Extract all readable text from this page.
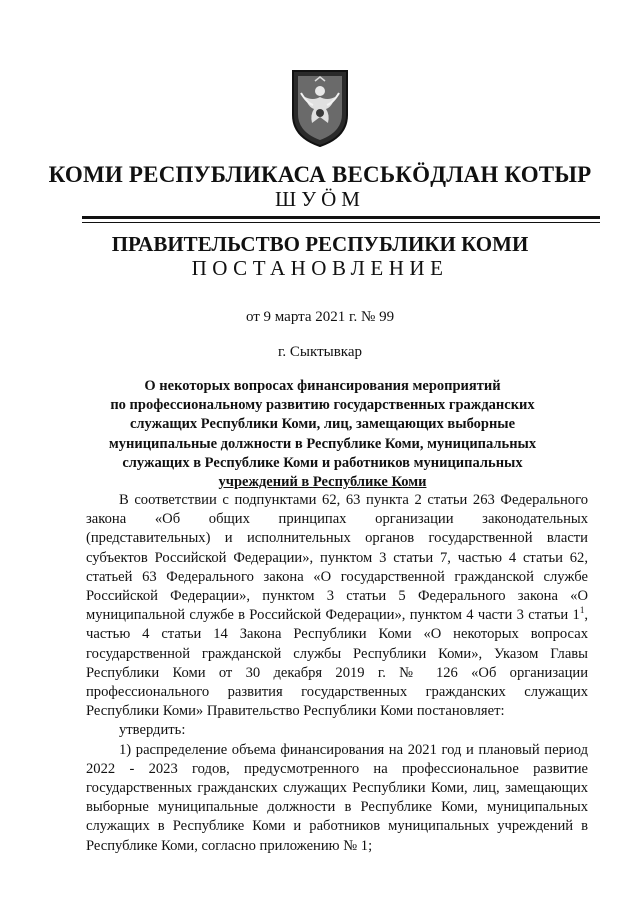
КОМИ РЕСПУБЛИКАСА ВЕСЬКӦДЛАН КОТЫР
ШУÖМ
ПРАВИТЕЛЬСТВО РЕСПУБЛИКИ КОМИ
ПОСТАНОВЛЕНИЕ
от 9 марта 2021 г. № 99
г. Сыктывкар
О некоторых вопросах финансирования мероприятий
по профессиональному развитию государственных гражданских
служащих Республики Коми, лиц, замещающих выборные
муниципальные должности в Республике Коми, муниципальных
служащих в Республике Коми и работников муниципальных
учреждений в Республике Коми

В соответствии с подпунктами 62, 63 пункта 2 статьи 263 Федерального закона «Об общих принципах организации законодательных (представительных) и исполнительных органов государственной власти субъектов Российской Федерации», пунктом 3 статьи 7, частью 4 статьи 62, статьей 63 Федерального закона «О государственной гражданской службе Российской Федерации», пунктом 3 статьи 5 Федерального закона «О муниципальной службе в Российской Федерации», пунктом 4 части 3 статьи $1^1$, частью 4 статьи 14 Закона Республики Коми «О некоторых вопросах государственной гражданской службы Республики Коми», Указом Главы Республики Коми от 30 декабря 2019 г. № 126 «Об организации профессионального развития государственных гражданских служащих Республики Коми» Правительство Республики Коми постановляет:

утвердить:

1) распределение объема финансирования на 2021 год и плановый период 2022 - 2023 годов, предусмотренного на профессиональное развитие государственных гражданских служащих Республики Коми, лиц, замещающих выборные муниципальные должности в Республике Коми, муниципальных служащих в Республике Коми и работников муниципальных учреждений в Республике Коми, согласно приложению № 1;
